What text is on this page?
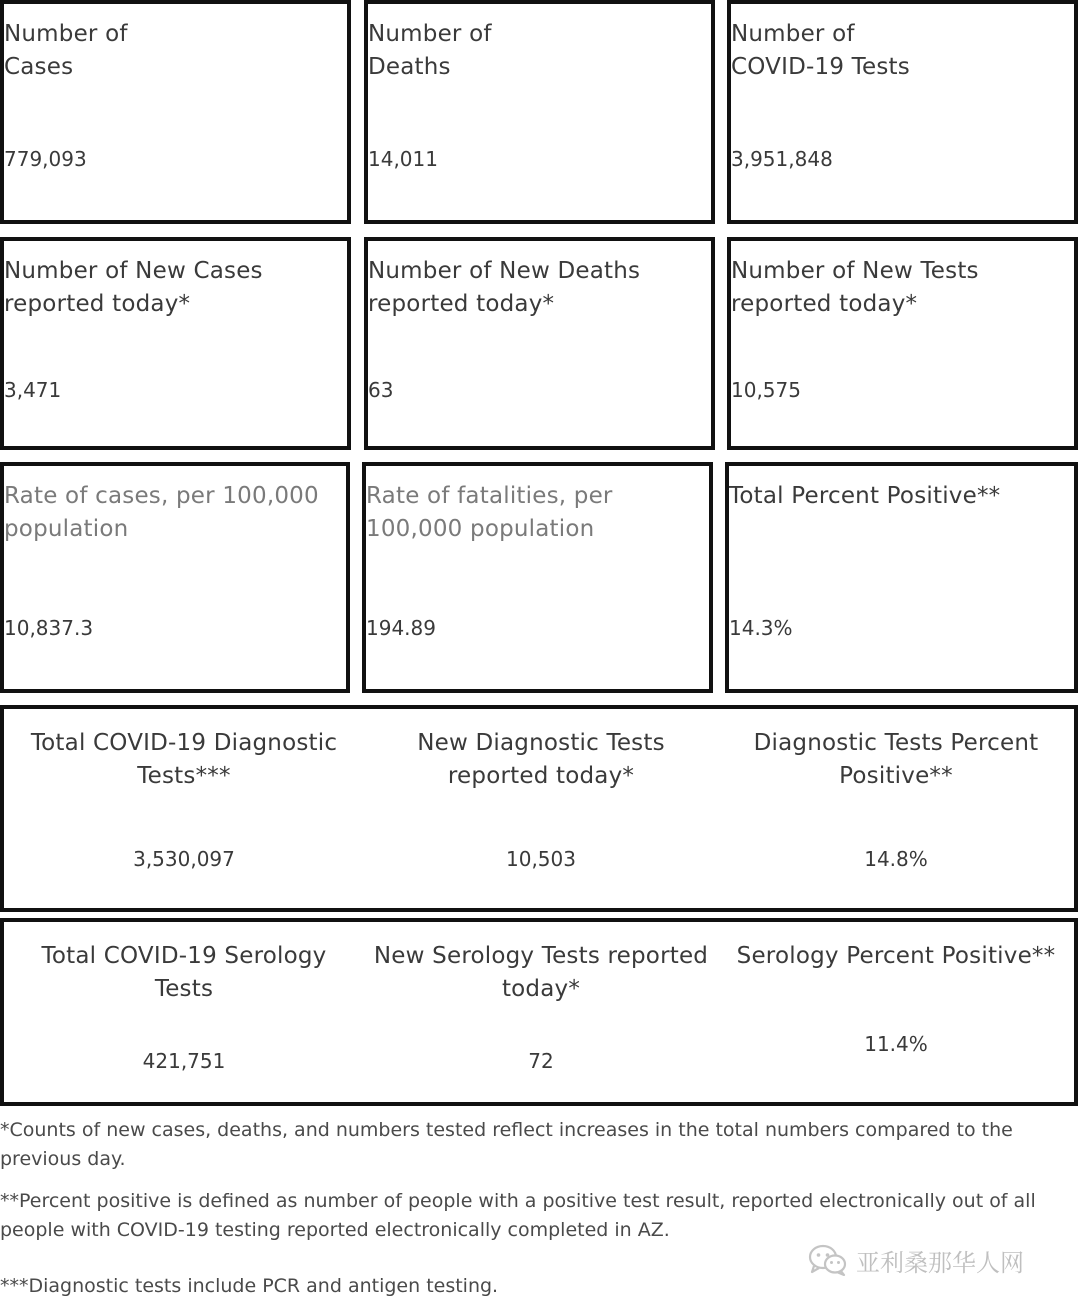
Number of
Cases
779,093
Number of
Deaths
14,011
Number of
COVID-19 Tests
3,951,848
Number of New Cases
reported today*
3,471
Number of New Deaths
reported today*
63
Number of New Tests
reported today*
10,575
Rate of cases, per 100,000
population
10,837.3
Rate of fatalities, per
100,000 population
194.89
Total Percent Positive**
14.3%
Total COVID-19 Diagnostic
Tests***
3,530,097
New Diagnostic Tests
reported today*
10,503
Diagnostic Tests Percent
Positive**
14.8%
Total COVID-19 Serology
Tests
421,751
New Serology Tests reported
today*
72
Serology Percent Positive**
11.4%
*Counts of new cases, deaths, and numbers tested reflect increases in the total numbers compared to the previous day.
**Percent positive is defined as number of people with a positive test result, reported electronically out of all people with COVID-19 testing reported electronically completed in AZ.
***Diagnostic tests include PCR and antigen testing.
亚利桑那华人网
